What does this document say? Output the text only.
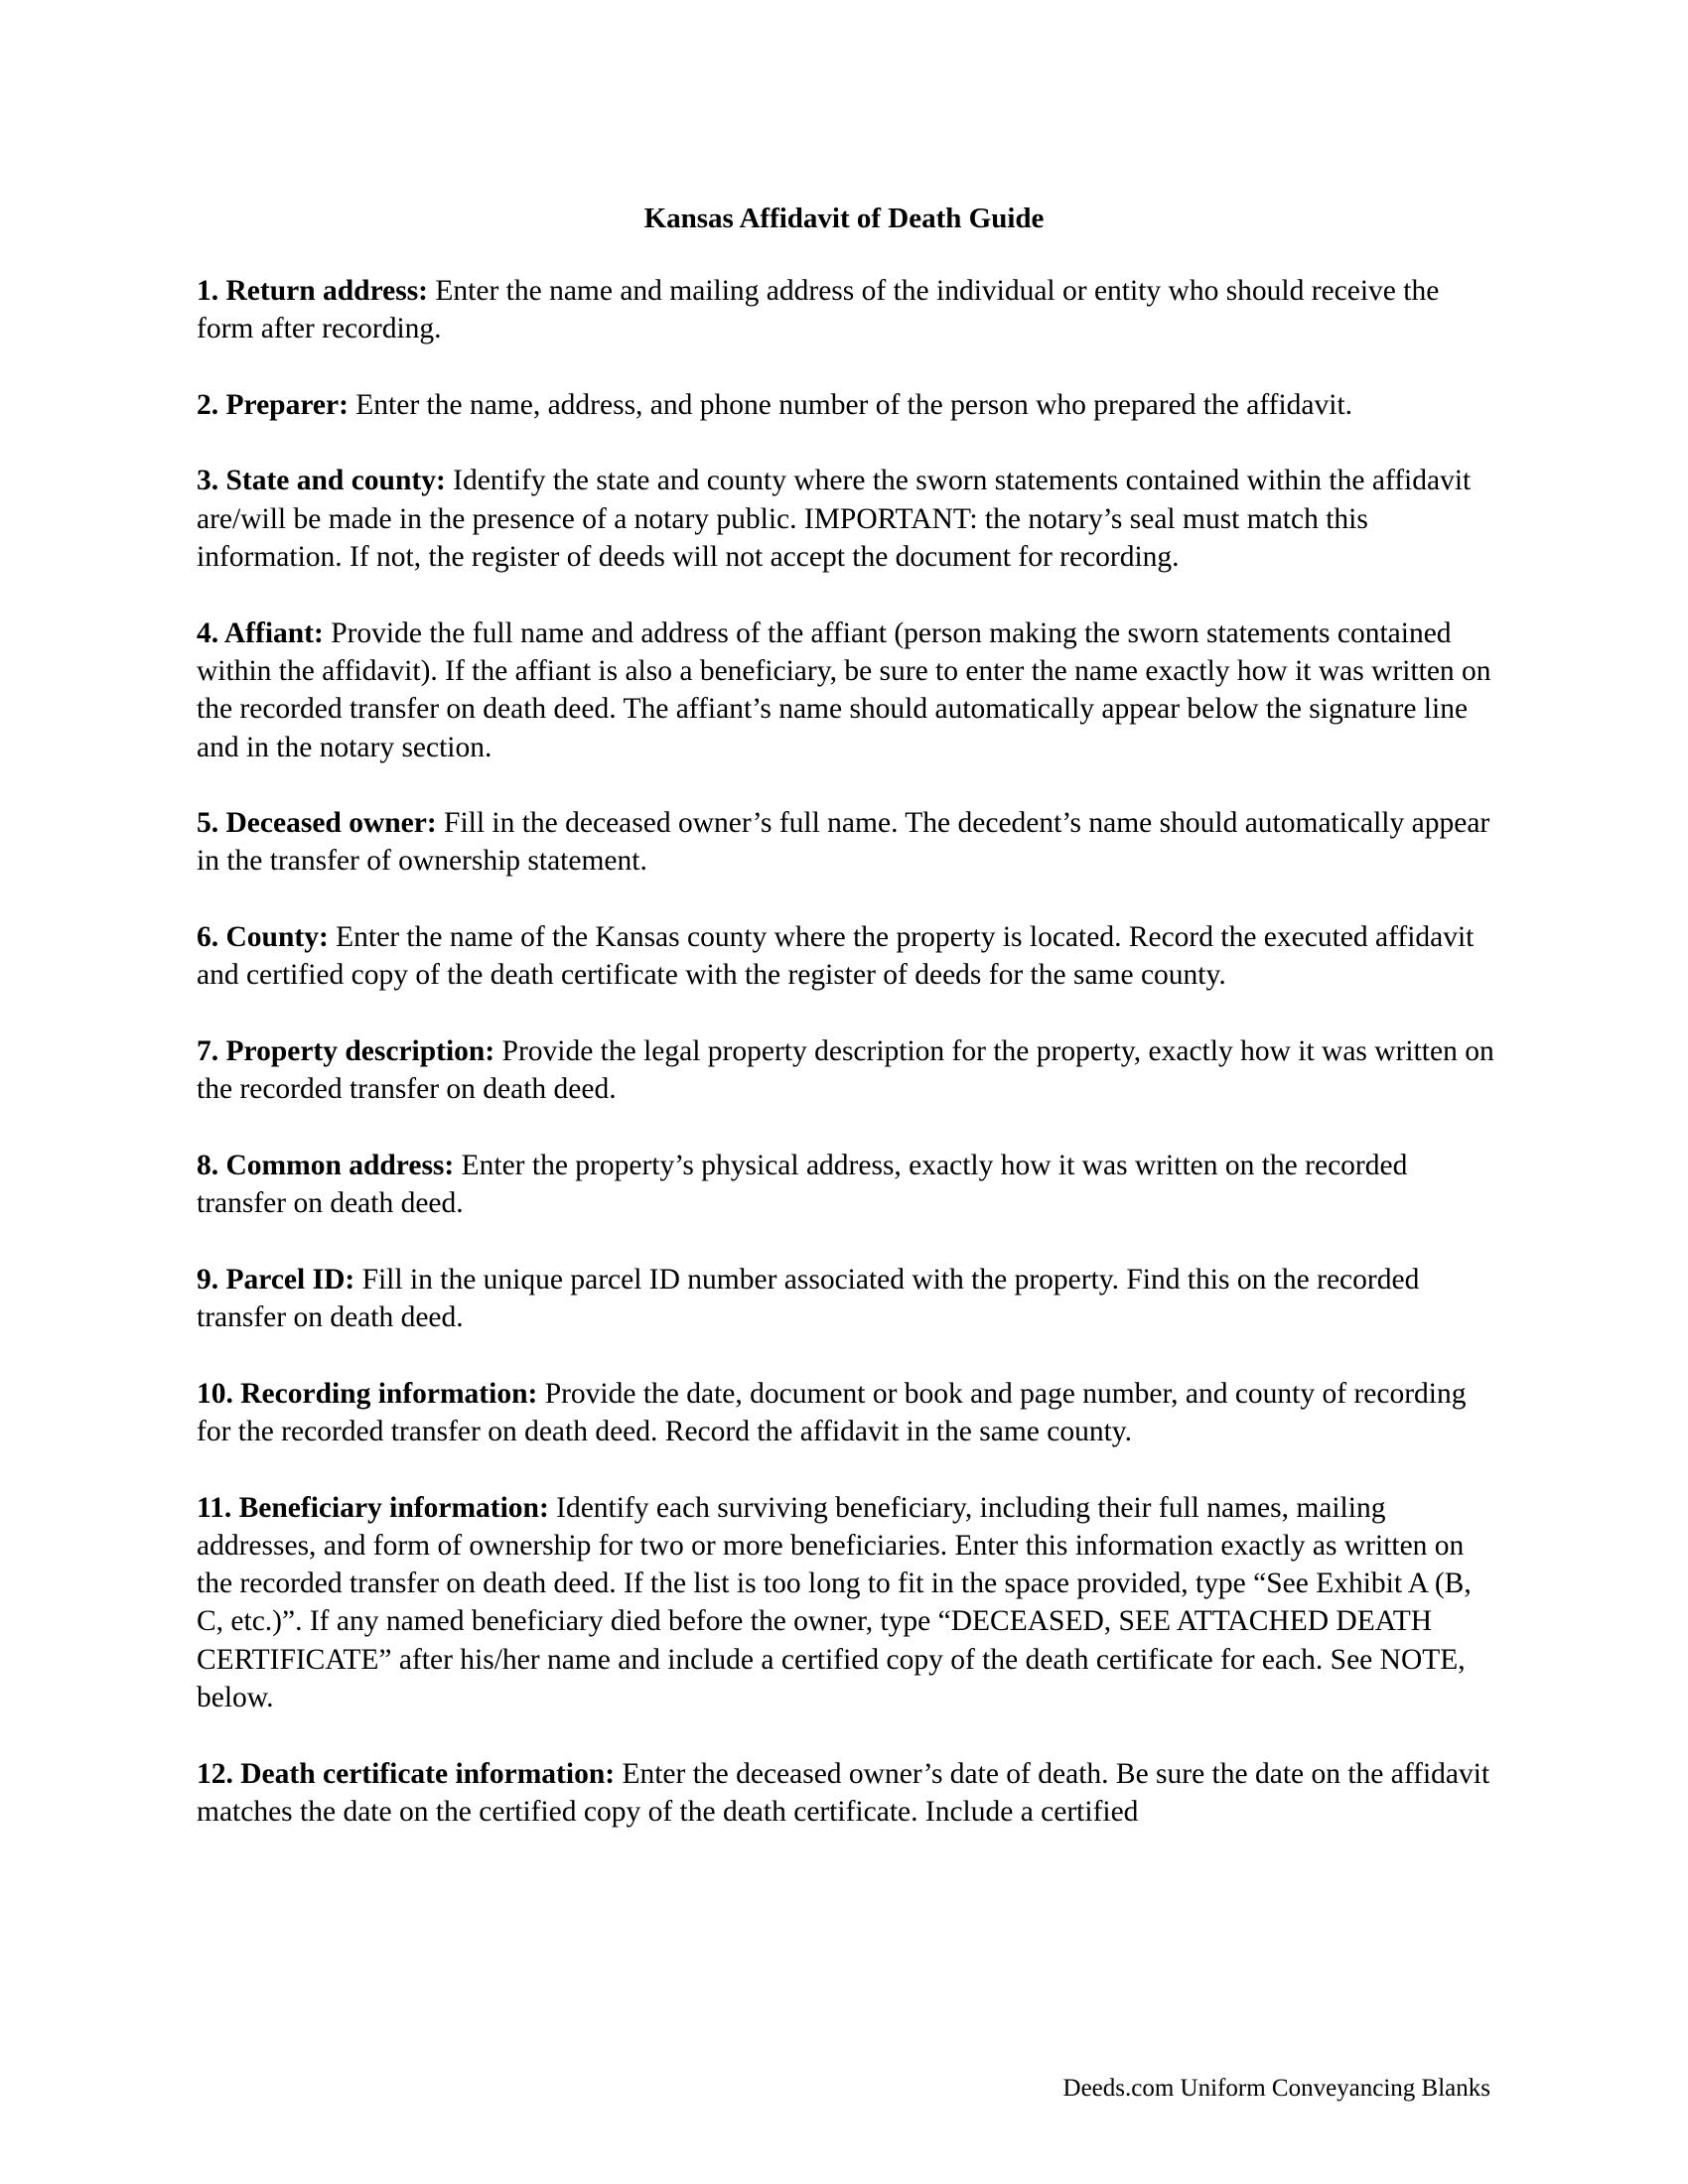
Kansas Affidavit of Death Guide

1. Return address: Enter the name and mailing address of the individual or entity who should receive the form after recording.

2. Preparer: Enter the name, address, and phone number of the person who prepared the affidavit.

3. State and county: Identify the state and county where the sworn statements contained within the affidavit are/will be made in the presence of a notary public. IMPORTANT: the notary’s seal must match this information. If not, the register of deeds will not accept the document for recording.

4. Affiant: Provide the full name and address of the affiant (person making the sworn statements contained within the affidavit). If the affiant is also a beneficiary, be sure to enter the name exactly how it was written on the recorded transfer on death deed. The affiant’s name should automatically appear below the signature line and in the notary section.

5. Deceased owner: Fill in the deceased owner’s full name. The decedent’s name should automatically appear in the transfer of ownership statement.

6. County: Enter the name of the Kansas county where the property is located. Record the executed affidavit and certified copy of the death certificate with the register of deeds for the same county.

7. Property description: Provide the legal property description for the property, exactly how it was written on the recorded transfer on death deed.

8. Common address: Enter the property’s physical address, exactly how it was written on the recorded transfer on death deed.

9. Parcel ID: Fill in the unique parcel ID number associated with the property. Find this on the recorded transfer on death deed.

10. Recording information: Provide the date, document or book and page number, and county of recording for the recorded transfer on death deed. Record the affidavit in the same county.

11. Beneficiary information: Identify each surviving beneficiary, including their full names, mailing addresses, and form of ownership for two or more beneficiaries. Enter this information exactly as written on the recorded transfer on death deed. If the list is too long to fit in the space provided, type “See Exhibit A (B, C, etc.)”. If any named beneficiary died before the owner, type “DECEASED, SEE ATTACHED DEATH CERTIFICATE” after his/her name and include a certified copy of the death certificate for each. See NOTE, below.

12. Death certificate information: Enter the deceased owner’s date of death. Be sure the date on the affidavit matches the date on the certified copy of the death certificate. Include a certified

Deeds.com Uniform Conveyancing Blanks
